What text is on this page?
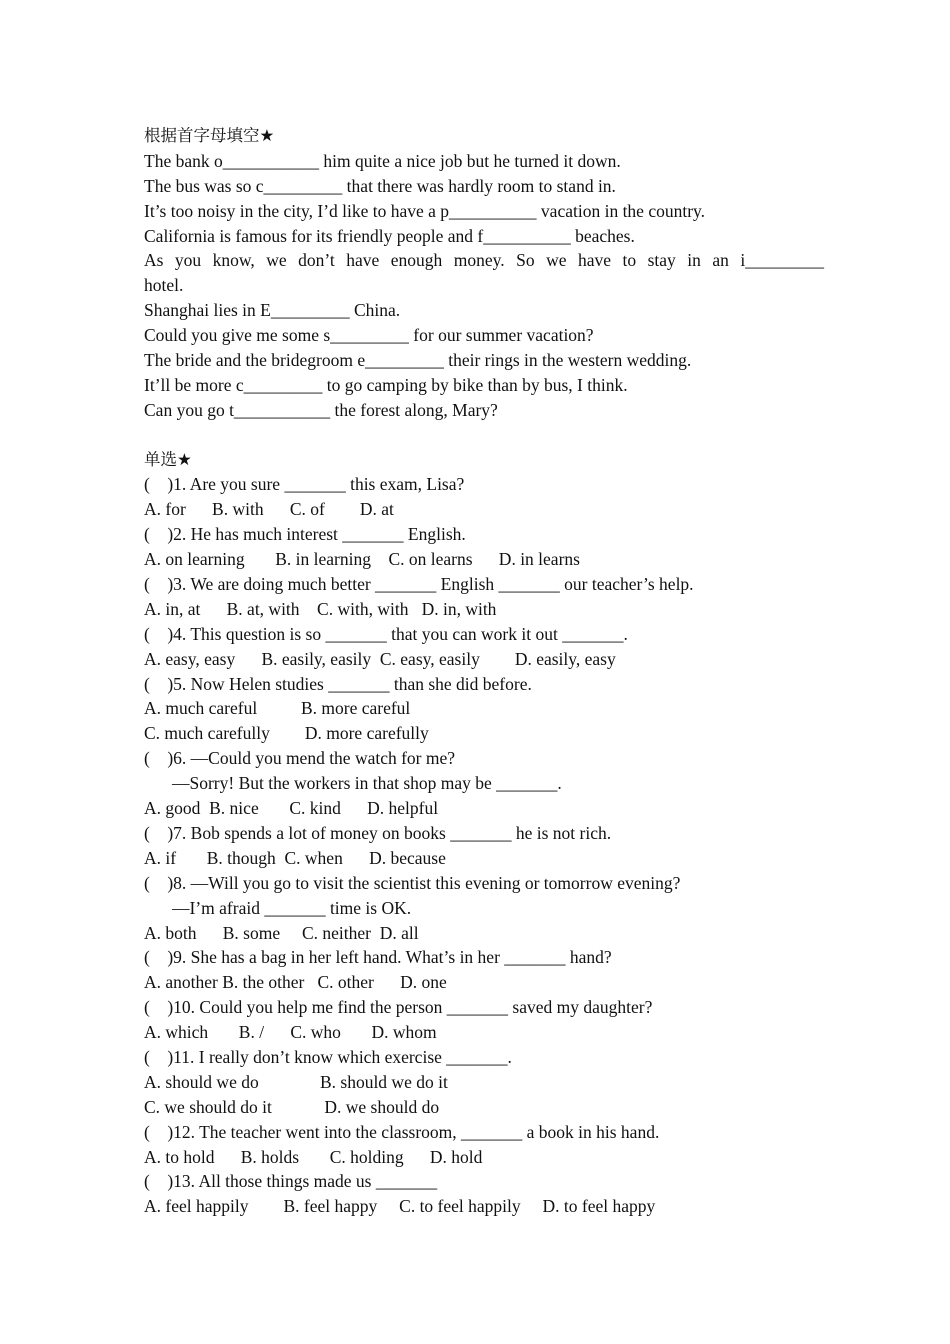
根据首字母填空★
The bank o___________ him quite a nice job but he turned it down.
The bus was so c_________ that there was hardly room to stand in.
It’s too noisy in the city, I’d like to have a p__________ vacation in the country.
California is famous for its friendly people and f__________ beaches.
As you know, we don’t have enough money. So we have to stay in an i_________
hotel.
Shanghai lies in E_________ China.
Could you give me some s_________ for our summer vacation?
The bride and the bridegroom e_________ their rings in the western wedding.
It’ll be more c_________ to go camping by bike than by bus, I think.
Can you go t___________ the forest along, Mary?
单选★
(    )1. Are you sure _______ this exam, Lisa?
A. for      B. with      C. of        D. at
(    )2. He has much interest _______ English.
A. on learning       B. in learning    C. on learns      D. in learns
(    )3. We are doing much better _______ English _______ our teacher’s help.
A. in, at      B. at, with    C. with, with   D. in, with
(    )4. This question is so _______ that you can work it out _______.
A. easy, easy      B. easily, easily  C. easy, easily        D. easily, easy
(    )5. Now Helen studies _______ than she did before.
A. much careful          B. more careful
C. much carefully        D. more carefully
(    )6. —Could you mend the watch for me?
—Sorry! But the workers in that shop may be _______.
A. good  B. nice       C. kind      D. helpful
(    )7. Bob spends a lot of money on books _______ he is not rich.
A. if       B. though  C. when      D. because
(    )8. —Will you go to visit the scientist this evening or tomorrow evening?
—I’m afraid _______ time is OK.
A. both      B. some     C. neither  D. all
(    )9. She has a bag in her left hand. What’s in her _______ hand?
A. another B. the other   C. other      D. one
(    )10. Could you help me find the person _______ saved my daughter?
A. which       B. /      C. who       D. whom
(    )11. I really don’t know which exercise _______.
A. should we do              B. should we do it
C. we should do it            D. we should do
(    )12. The teacher went into the classroom, _______ a book in his hand.
A. to hold      B. holds       C. holding      D. hold
(    )13. All those things made us _______
A. feel happily        B. feel happy     C. to feel happily     D. to feel happy
